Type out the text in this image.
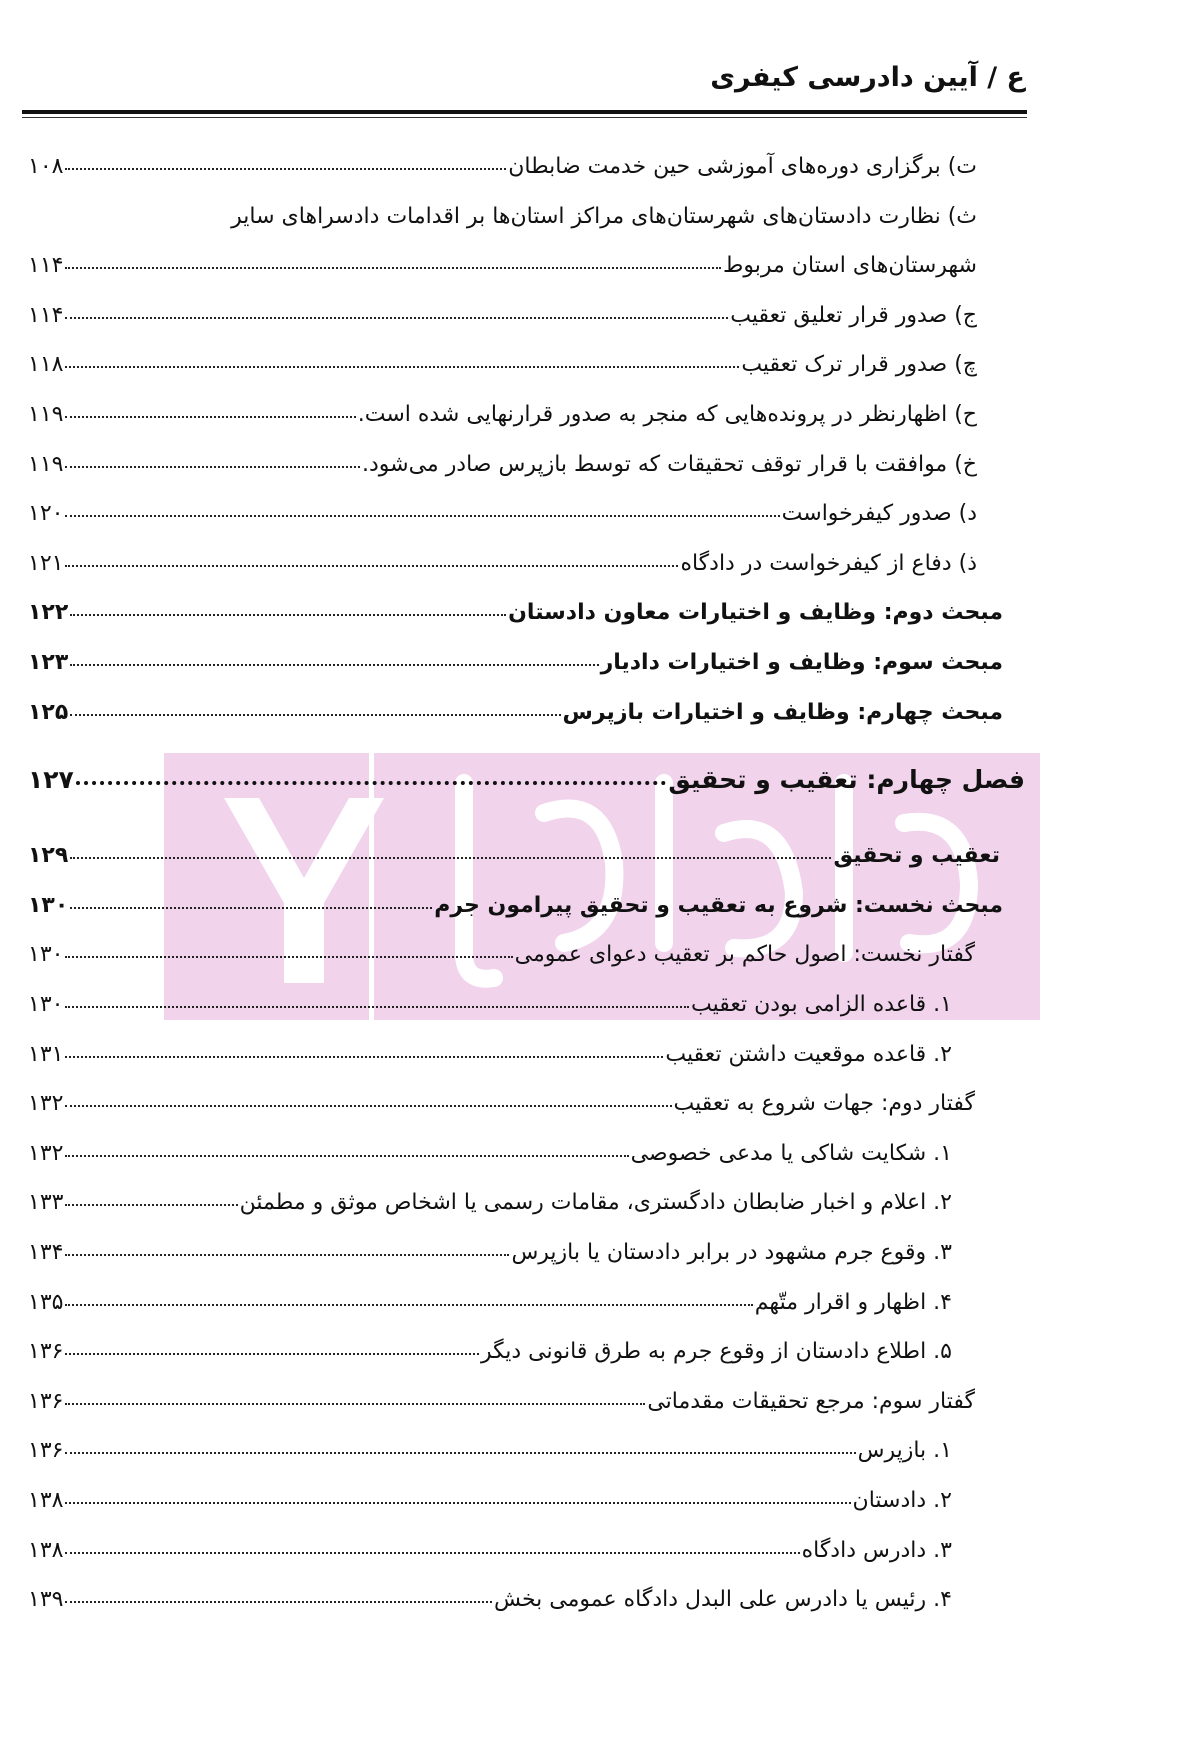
ع / آیین دادرسی کیفری
ت) برگزاری دوره‌های آموزشی حین خدمت ضابطان
۱۰۸
ث) نظارت دادستان‌های شهرستان‌های مراکز استان‌ها بر اقدامات دادسراهای سایر
شهرستان‌های استان مربوط
۱۱۴
ج) صدور قرار تعلیق تعقیب
۱۱۴
چ) صدور قرار ترک تعقیب
۱۱۸
ح) اظهارنظر در پرونده‌هایی که منجر به صدور قرارنهایی شده است.
۱۱۹
خ) موافقت با قرار توقف تحقیقات که توسط بازپرس صادر می‌شود.
۱۱۹
د) صدور کیفرخواست
۱۲۰
ذ) دفاع از کیفرخواست در دادگاه
۱۲۱
مبحث دوم: وظایف و اختیارات معاون دادستان
۱۲۲
مبحث سوم: وظایف و اختیارات دادیار
۱۲۳
مبحث چهارم: وظایف و اختیارات بازپرس
۱۲۵
فصل چهارم: تعقیب و تحقیق
۱۲۷
تعقیب و تحقیق
۱۲۹
مبحث نخست: شروع به تعقیب و تحقیق پیرامون جرم
۱۳۰
گفتار نخست: اصول حاکم بر تعقیب دعوای عمومی
۱۳۰
۱. قاعده الزامی بودن تعقیب
۱۳۰
۲. قاعده موقعیت داشتن تعقیب
۱۳۱
گفتار دوم: جهات شروع به تعقیب
۱۳۲
۱. شکایت شاکی یا مدعی خصوصی
۱۳۲
۲. اعلام و اخبار ضابطان دادگستری، مقامات رسمی یا اشخاص موثق و مطمئن
۱۳۳
۳. وقوع جرم مشهود در برابر دادستان یا بازپرس
۱۳۴
۴. اظهار و اقرار متّهم
۱۳۵
۵. اطلاع دادستان از وقوع جرم به طرق قانونی دیگر
۱۳۶
گفتار سوم: مرجع تحقیقات مقدماتی
۱۳۶
۱. بازپرس
۱۳۶
۲. دادستان
۱۳۸
۳. دادرس دادگاه
۱۳۸
۴. رئیس یا دادرس علی البدل دادگاه عمومی بخش
۱۳۹
